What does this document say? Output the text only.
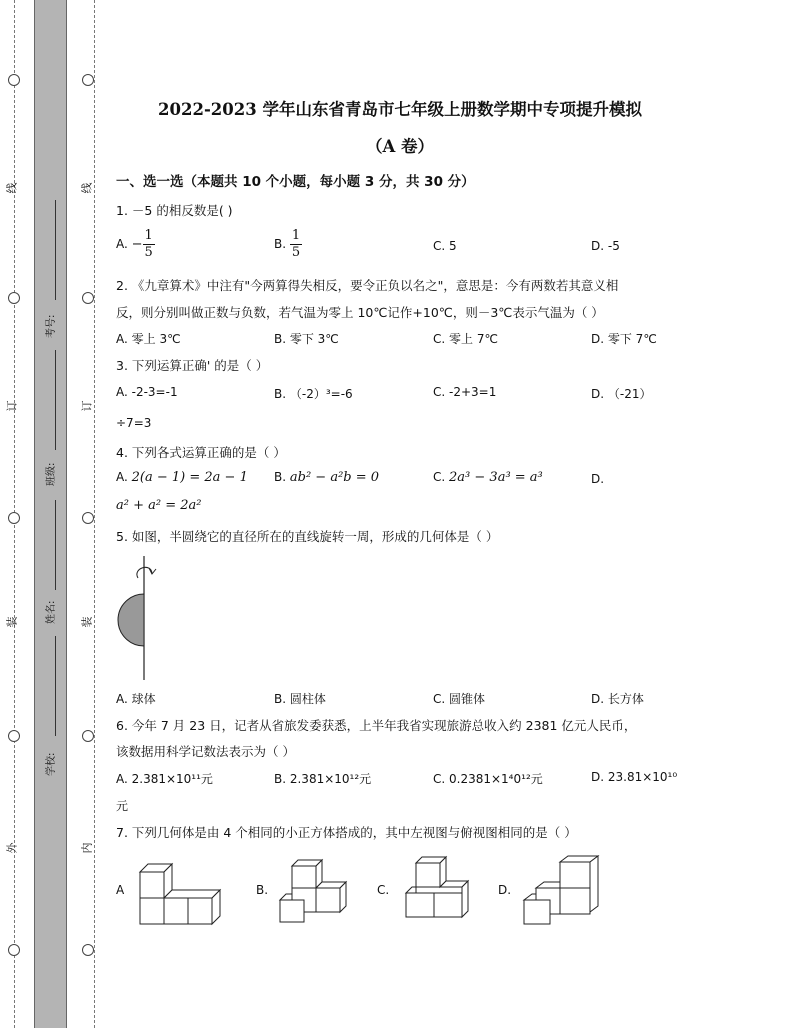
线
订
装
外
线
订
装
内
考号:
班级:
姓名:
学校:
2022-2023 学年山东省青岛市七年级上册数学期中专项提升模拟
（A 卷）
一、选一选（本题共 10 个小题，每小题 3 分，共 30 分）
1. －5 的相反数是( )
A. − $\frac{1}{5}$	B. $\frac{1}{5}$	C. 5	D. -5
2. 《九章算术》中注有"今两算得失相反，要令正负以名之"，意思是：今有两数若其意义相
反，则分别叫做正数与负数，若气温为零上 10℃记作+10℃，则－3℃表示气温为（ ）
A. 零上 3℃	B. 零下 3℃	C. 零上 7℃	D. 零下 7℃
3. 下列运算正确' 的是（ ）
A. -2-3=-1	B. （-2）³=-6	C. -2+3=1	D. （-21）
÷7=3
4. 下列各式运算正确的是（ ）
A. 2(a − 1) = 2a − 1 B. ab² − a²b = 0	C. 2a³ − 3a³ = a³	D.
a² + a² = 2a²
5. 如图，半圆绕它的直径所在的直线旋转一周，形成的几何体是（ ）
A. 球体	B. 圆柱体	C. 圆锥体	D. 长方体
6. 今年 7 月 23 日，记者从省旅发委获悉，上半年我省实现旅游总收入约 2381 亿元人民币，
该数据用科学记数法表示为（ ）
A. 2.381×10¹¹元	B. 2.381×10¹²元	C. 0.2381×1⁴0¹²元	D. 23.81×10¹⁰
元
7. 下列几何体是由 4 个相同的小正方体搭成的，其中左视图与俯视图相同的是（ ）
A	B.	C.	D.
